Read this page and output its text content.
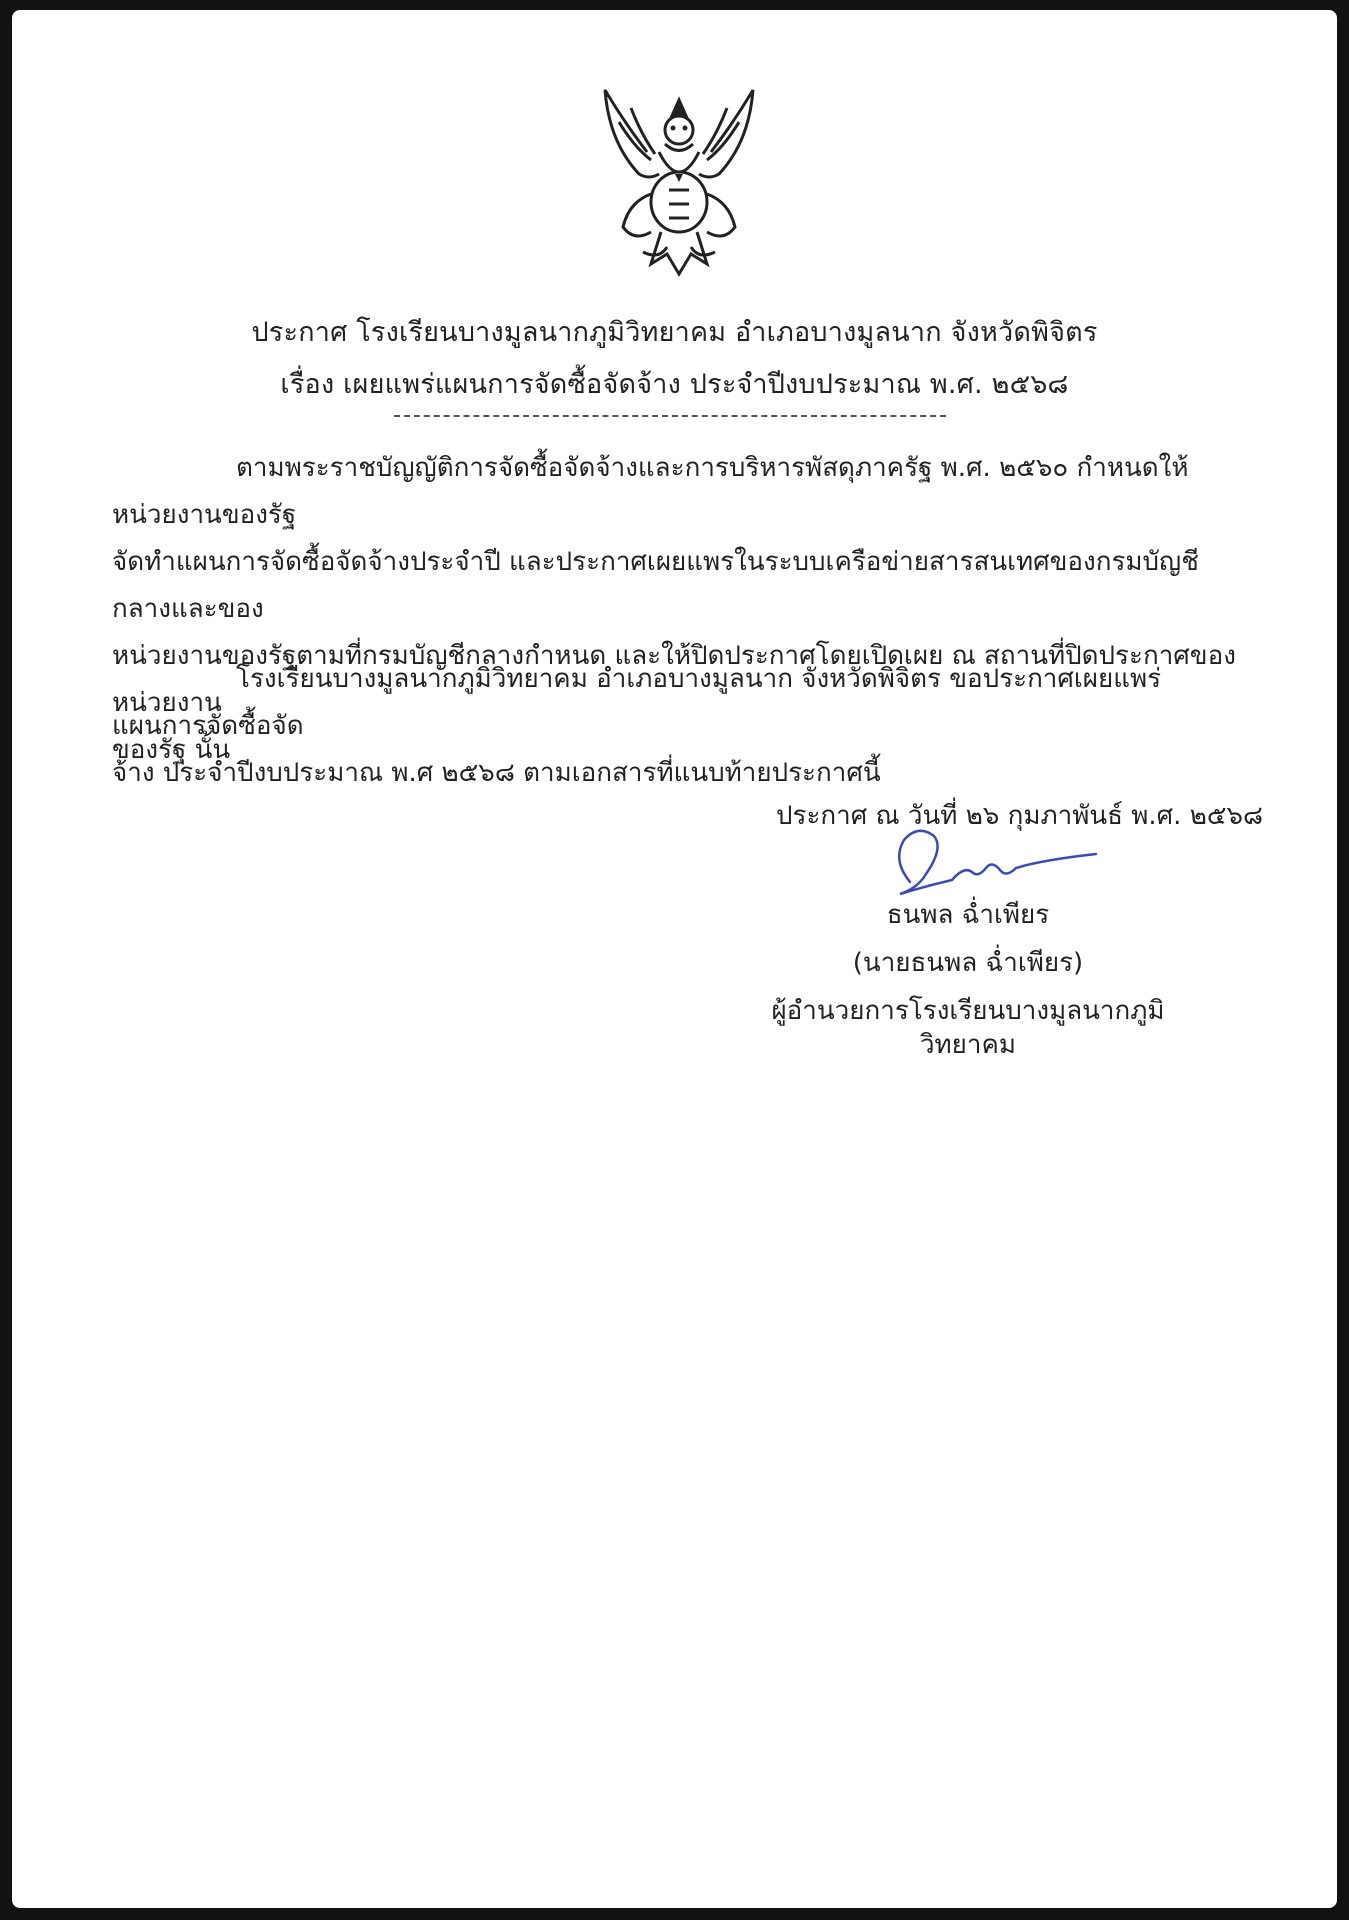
ประกาศ โรงเรียนบางมูลนากภูมิวิทยาคม อำเภอบางมูลนาก จังหวัดพิจิตร
เรื่อง เผยแพร่แผนการจัดซื้อจัดจ้าง ประจำปีงบประมาณ พ.ศ. ๒๕๖๘
ตามพระราชบัญญัติการจัดซื้อจัดจ้างและการบริหารพัสดุภาครัฐ พ.ศ. ๒๕๖๐ กำหนดให้หน่วยงานของรัฐ
จัดทำแผนการจัดซื้อจัดจ้างประจำปี และประกาศเผยแพรในระบบเครือข่ายสารสนเทศของกรมบัญชีกลางและของ
หน่วยงานของรัฐตามที่กรมบัญชีกลางกำหนด และให้ปิดประกาศโดยเปิดเผย ณ สถานที่ปิดประกาศของหน่วยงาน
ของรัฐ นั้น
โรงเรียนบางมูลนากภูมิวิทยาคม อำเภอบางมูลนาก จังหวัดพิจิตร ขอประกาศเผยแพร่แผนการจัดซื้อจัด
จ้าง ประจำปีงบประมาณ พ.ศ ๒๕๖๘ ตามเอกสารที่แนบท้ายประกาศนี้
ประกาศ ณ วันที่ ๒๖ กุมภาพันธ์ พ.ศ. ๒๕๖๘
ธนพล ฉ่ำเพียร
(นายธนพล ฉ่ำเพียร)
ผู้อำนวยการโรงเรียนบางมูลนากภูมิวิทยาคม
